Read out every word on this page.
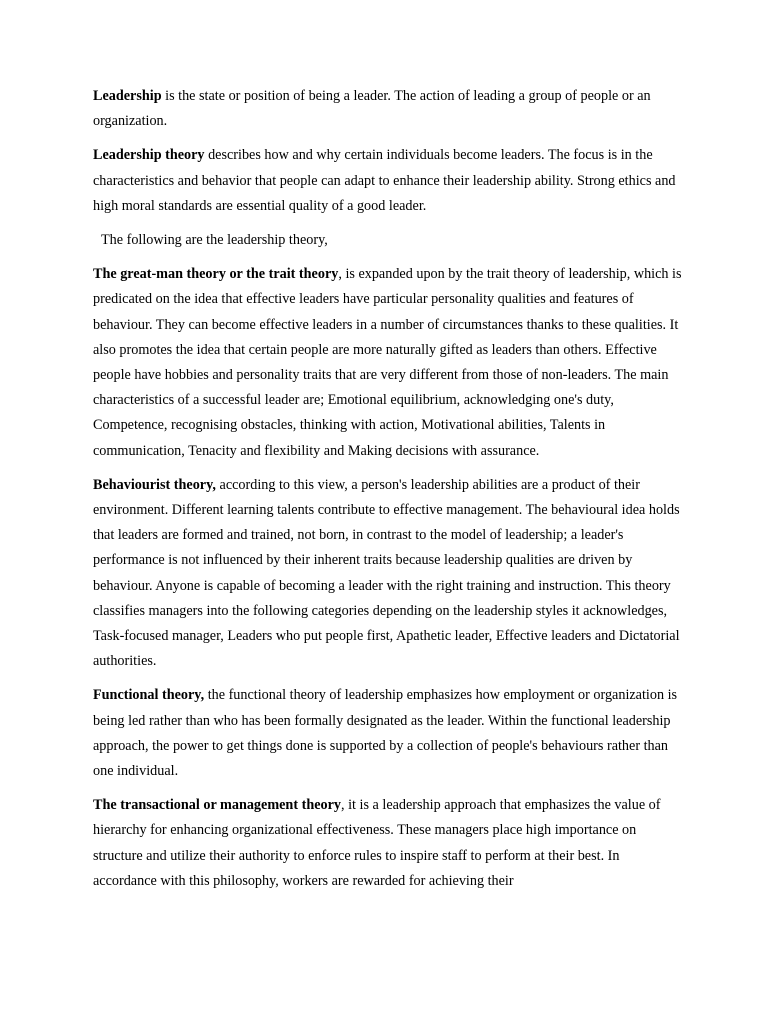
Leadership is the state or position of being a leader. The action of leading a group of people or an organization.

Leadership theory describes how and why certain individuals become leaders. The focus is in the characteristics and behavior that people can adapt to enhance their leadership ability. Strong ethics and high moral standards are essential quality of a good leader.

The following are the leadership theory,

The great-man theory or the trait theory, is expanded upon by the trait theory of leadership, which is predicated on the idea that effective leaders have particular personality qualities and features of behaviour. They can become effective leaders in a number of circumstances thanks to these qualities. It also promotes the idea that certain people are more naturally gifted as leaders than others. Effective people have hobbies and personality traits that are very different from those of non-leaders. The main characteristics of a successful leader are; Emotional equilibrium, acknowledging one's duty, Competence, recognising obstacles, thinking with action, Motivational abilities, Talents in communication, Tenacity and flexibility and Making decisions with assurance.

Behaviourist theory, according to this view, a person's leadership abilities are a product of their environment. Different learning talents contribute to effective management. The behavioural idea holds that leaders are formed and trained, not born, in contrast to the model of leadership; a leader's performance is not influenced by their inherent traits because leadership qualities are driven by behaviour. Anyone is capable of becoming a leader with the right training and instruction. This theory classifies managers into the following categories depending on the leadership styles it acknowledges, Task-focused manager, Leaders who put people first, Apathetic leader, Effective leaders and Dictatorial authorities.

Functional theory, the functional theory of leadership emphasizes how employment or organization is being led rather than who has been formally designated as the leader. Within the functional leadership approach, the power to get things done is supported by a collection of people's behaviours rather than one individual.

The transactional or management theory, it is a leadership approach that emphasizes the value of hierarchy for enhancing organizational effectiveness. These managers place high importance on structure and utilize their authority to enforce rules to inspire staff to perform at their best. In accordance with this philosophy, workers are rewarded for achieving their
